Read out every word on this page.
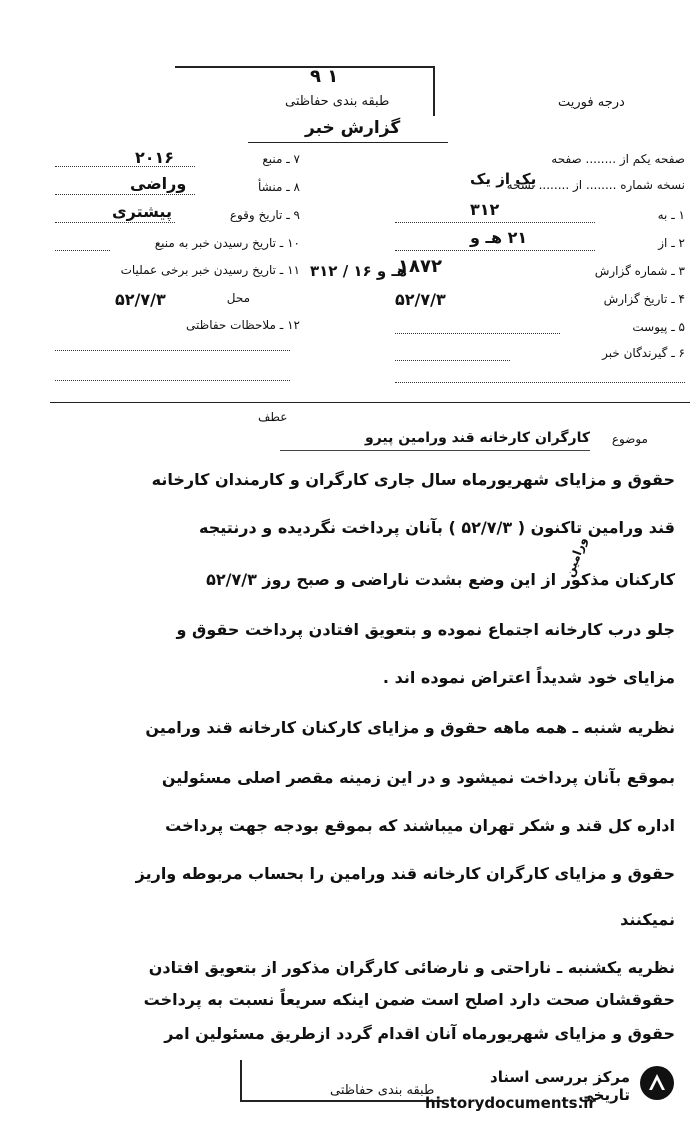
۹ ۱
طبقه بندی حفاظتی
گزارش خبر
درجه فوریت
صفحه یکم از ........ صفحه
نسخه شماره ........ از ........ نسخه
یک از یک
۱ ـ به
۳۱۲
۲ ـ از
۲۱ هـ و
۳ ـ شماره گزارش
۱۸۷۲
۴ ـ تاریخ گزارش
۵۲/۷/۳
۵ ـ پیوست
۶ ـ گیرندگان خبر
۷ ـ منبع
۲۰۱۶
۸ ـ منشأ
وراضی
۹ ـ تاریخ وقوع
پیشتری
۱۰ ـ تاریخ رسیدن خبر به منبع
۱۱ ـ تاریخ رسیدن خبر برخی عملیات ۳۱۲ / ۱۶ هـ و
محل
۵۲/۷/۳
۱۲ ـ ملاحظات حفاظتی
عطف
موضوع
کارگران کارخانه قند ورامین پیرو
حقوق و مزایای شهریورماه سال جاری کارگران و کارمندان کارخانه
قند ورامین تاکنون ( ۵۲/۷/۳ ) بآنان پرداخت نگردیده و درنتیجه
کارکنان مذکور از این وضع بشدت ناراضی و صبح روز ۵۲/۷/۳
ورامین
جلو درب کارخانه اجتماع نموده و بتعویق افتادن پرداخت حقوق و
مزایای خود شدیداً اعتراض نموده اند .
نظریه شنبه ـ همه ماهه حقوق و مزایای کارکنان کارخانه قند ورامین
بموقع بآنان پرداخت نمیشود و در این زمینه مقصر اصلی مسئولین
اداره کل قند و شکر تهران میباشند که بموقع بودجه جهت پرداخت
حقوق و مزایای کارگران کارخانه قند ورامین را بحساب مربوطه واریز
نمیکنند
نظریه یکشنبه ـ ناراحتی و نارضائی کارگران مذکور از بتعویق افتادن
حقوقشان صحت دارد اصلح است ضمن اینکه سریعاً نسبت به پرداخت
حقوق و مزایای شهریورماه آنان اقدام گردد ازطریق مسئولین امر
طبقه بندی حفاظتی
مرکز بررسی اسناد تاریخی
historydocuments.ir
